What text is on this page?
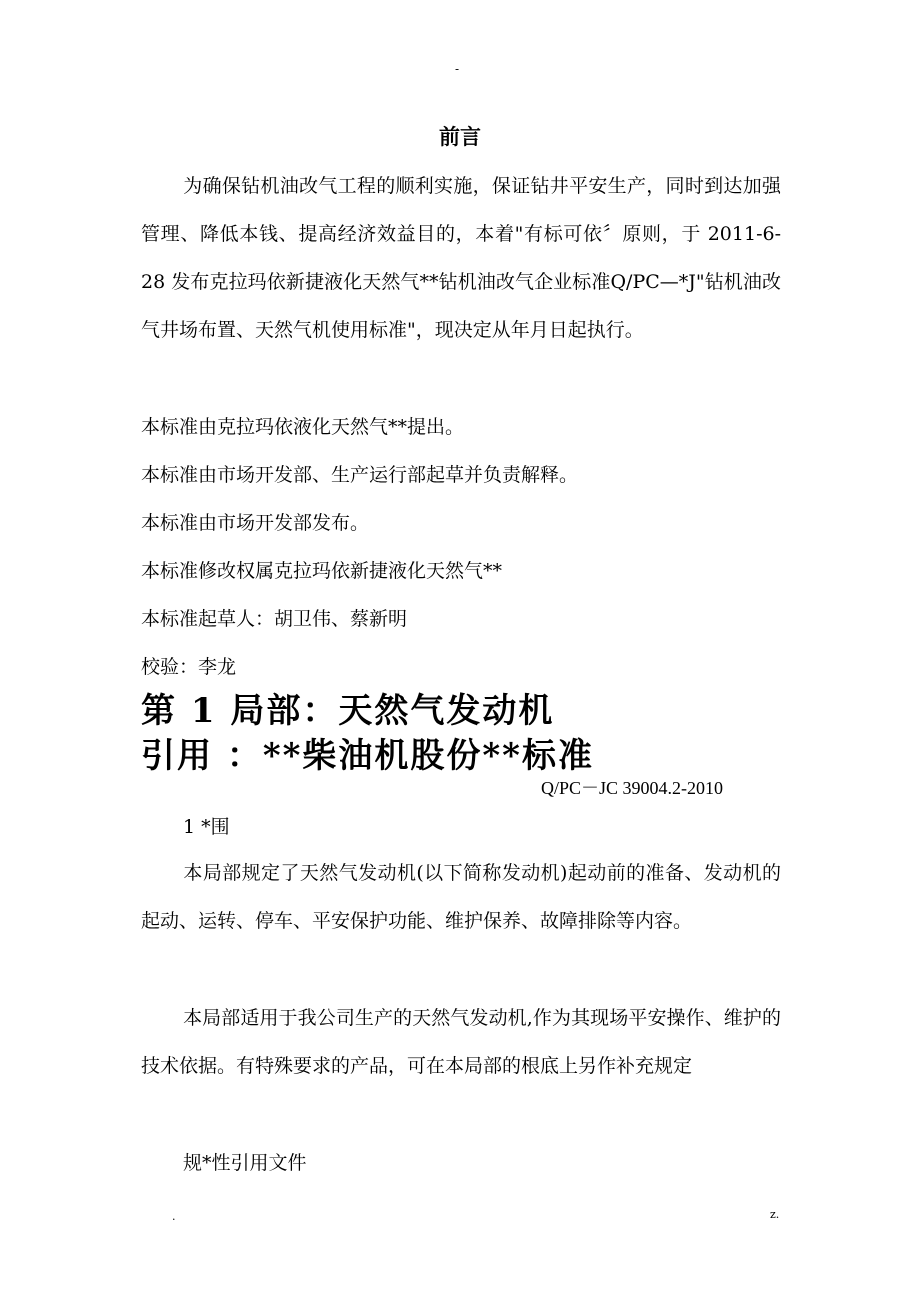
-
前言

为确保钻机油改气工程的顺利实施，保证钻井平安生产，同时到达加强管理、降低本钱、提高经济效益目的，本着"有标可依〞原则，于 2011-6-28 发布克拉玛依新捷液化天然气**钻机油改气企业标准Q/PC—*J"钻机油改气井场布置、天然气机使用标准"，现决定从年月日起执行。

本标准由克拉玛依液化天然气**提出。
本标准由市场开发部、生产运行部起草并负责解释。
本标准由市场开发部发布。
本标准修改权属克拉玛依新捷液化天然气**
本标准起草人：胡卫伟、蔡新明
校验：李龙
第 1 局部：天然气发动机
引用 ：**柴油机股份**标准
Q/PC－JC 39004.2-2010
1 *围

本局部规定了天然气发动机(以下简称发动机)起动前的准备、发动机的起动、运转、停车、平安保护功能、维护保养、故障排除等内容。

本局部适用于我公司生产的天然气发动机,作为其现场平安操作、维护的技术依据。有特殊要求的产品，可在本局部的根底上另作补充规定

规*性引用文件
.	z.
